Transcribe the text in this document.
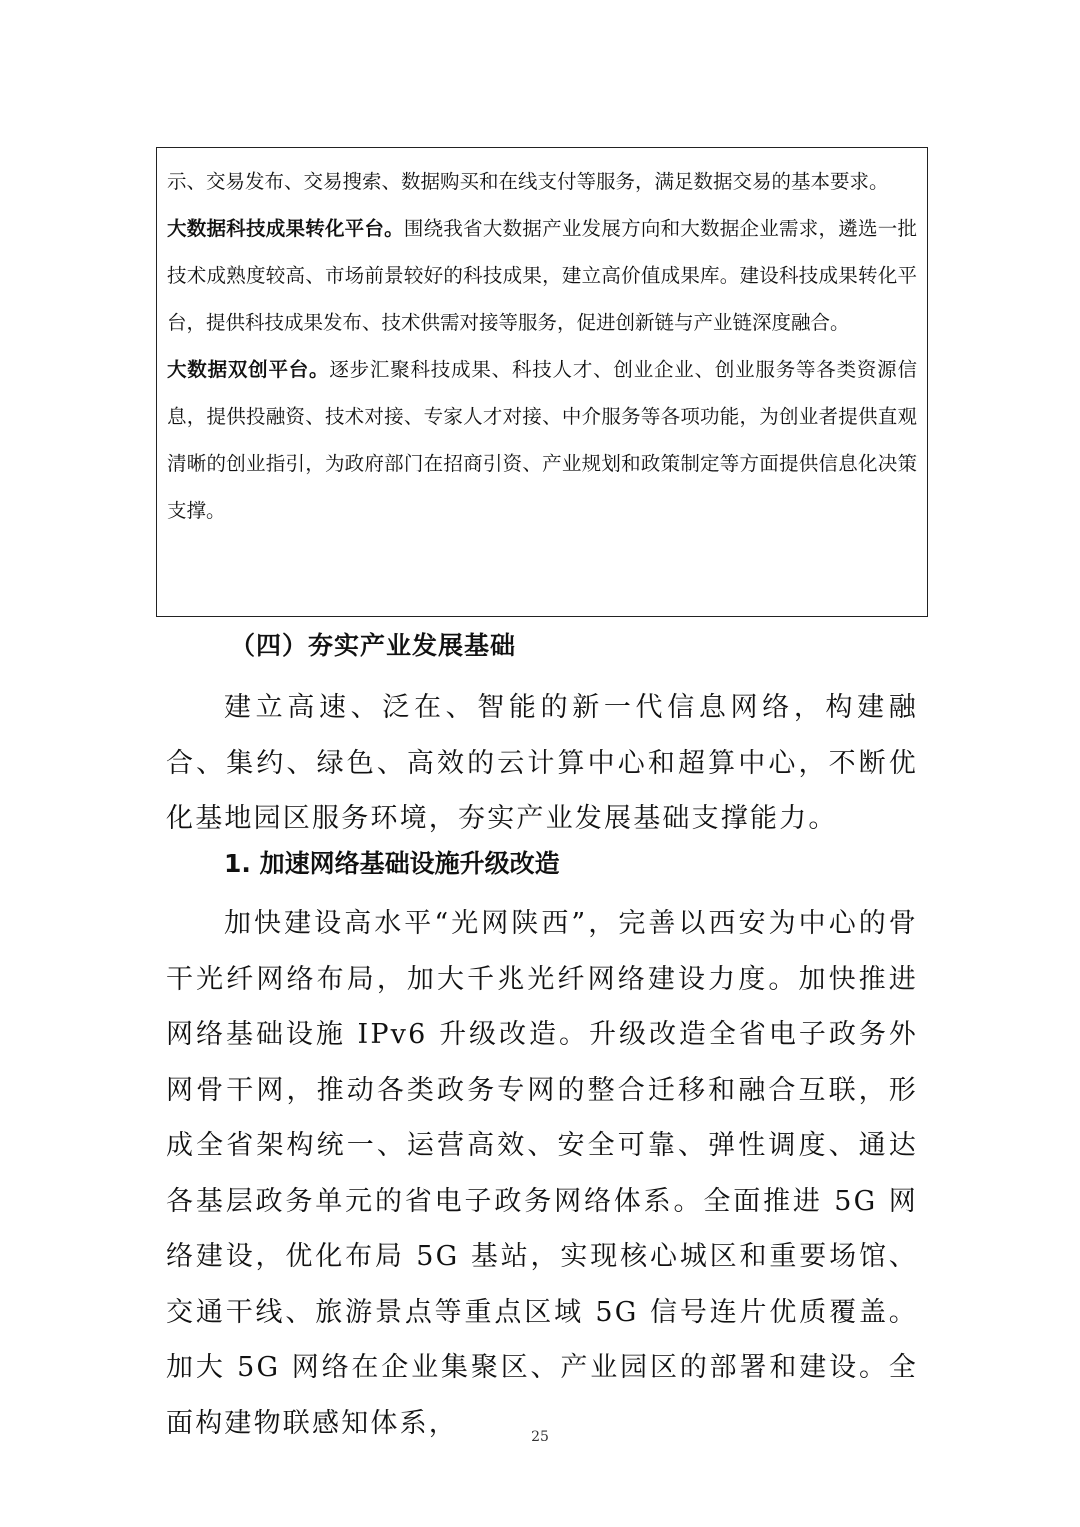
示、交易发布、交易搜索、数据购买和在线支付等服务，满足数据交易的基本要求。

大数据科技成果转化平台。围绕我省大数据产业发展方向和大数据企业需求，遴选一批技术成熟度较高、市场前景较好的科技成果，建立高价值成果库。建设科技成果转化平台，提供科技成果发布、技术供需对接等服务，促进创新链与产业链深度融合。

大数据双创平台。逐步汇聚科技成果、科技人才、创业企业、创业服务等各类资源信息，提供投融资、技术对接、专家人才对接、中介服务等各项功能，为创业者提供直观清晰的创业指引，为政府部门在招商引资、产业规划和政策制定等方面提供信息化决策支撑。

（四）夯实产业发展基础

建立高速、泛在、智能的新一代信息网络，构建融合、集约、绿色、高效的云计算中心和超算中心，不断优化基地园区服务环境，夯实产业发展基础支撑能力。

1. 加速网络基础设施升级改造

加快建设高水平“光网陕西”，完善以西安为中心的骨干光纤网络布局，加大千兆光纤网络建设力度。加快推进网络基础设施 IPv6 升级改造。升级改造全省电子政务外网骨干网，推动各类政务专网的整合迁移和融合互联，形成全省架构统一、运营高效、安全可靠、弹性调度、通达各基层政务单元的省电子政务网络体系。全面推进 5G 网络建设，优化布局 5G 基站，实现核心城区和重要场馆、交通干线、旅游景点等重点区域 5G 信号连片优质覆盖。加大 5G 网络在企业集聚区、产业园区的部署和建设。全面构建物联感知体系，	25
